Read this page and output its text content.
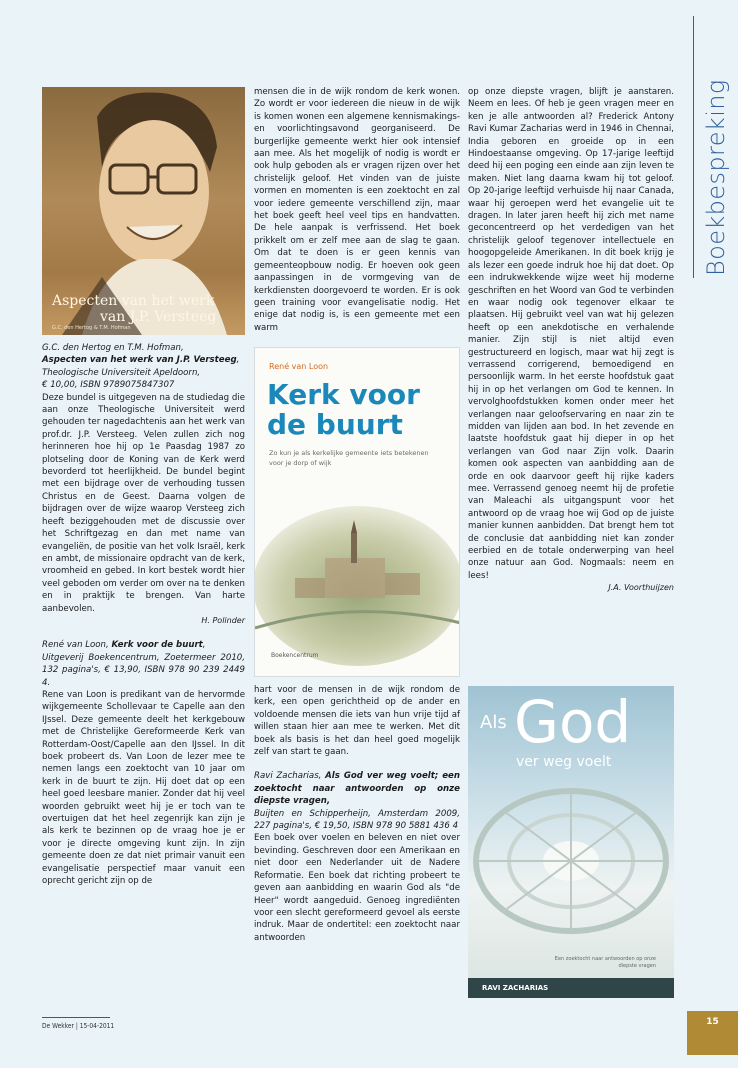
Aspecten van het werk
van J.P. Versteeg
G.C. den Hertog & T.M. Hofman

G.C. den Hertog en T.M. Hofman,

Aspecten van het werk van J.P. Versteeg,

Theologische Universiteit Apeldoorn,

€ 10,00, ISBN 9789075847307

Deze bundel is uitgegeven na de studiedag die aan onze Theologische Universiteit werd gehouden ter nagedachtenis aan het werk van prof.dr. J.P. Versteeg. Velen zullen zich nog herinneren hoe hij op 1e Paasdag 1987 zo plotseling door de Koning van de Kerk werd bevorderd tot heerlijkheid. De bundel begint met een bijdrage over de verhouding tussen Christus en de Geest. Daarna volgen de bijdragen over de wijze waarop Versteeg zich heeft beziggehouden met de discussie over het Schriftgezag en dan met name van evangeliën, de positie van het volk Israël, kerk en ambt, de missionaire opdracht van de kerk, vroomheid en gebed. In kort bestek wordt hier veel geboden om verder om over na te denken en in praktijk te brengen. Van harte aanbevolen.

H. Polinder

René van Loon, Kerk voor de buurt,

Uitgeverij Boekencentrum, Zoetermeer 2010, 132 pagina's, € 13,90, ISBN 978 90 239 2449 4.

Rene van Loon is predikant van de hervormde wijkgemeente Schollevaar te Capelle aan den IJssel. Deze gemeente deelt het kerkgebouw met de Christelijke Gereformeerde Kerk van Rotterdam-Oost/Capelle aan den IJssel. In dit boek probeert ds. Van Loon de lezer mee te nemen langs een zoektocht van 10 jaar om kerk in de buurt te zijn. Hij doet dat op een heel goed leesbare manier. Zonder dat hij veel woorden gebruikt weet hij je er toch van te overtuigen dat het heel zegenrijk kan zijn je als kerk te bezinnen op de vraag hoe je er voor je directe omgeving kunt zijn. In zijn gemeente doen ze dat niet primair vanuit een evangelisatie perspectief maar vanuit een oprecht gericht zijn op de

mensen die in de wijk rondom de kerk wonen. Zo wordt er voor iedereen die nieuw in de wijk is komen wonen een algemene kennismakings- en voorlichtingsavond georganiseerd. De burgerlijke gemeente werkt hier ook intensief aan mee. Als het mogelijk of nodig is wordt er ook hulp geboden als er vragen rijzen over het christelijk geloof. Het vinden van de juiste vormen en momenten is een zoektocht en zal voor iedere gemeente verschillend zijn, maar het boek geeft heel veel tips en handvatten. De hele aanpak is verfrissend. Het boek prikkelt om er zelf mee aan de slag te gaan. Om dat te doen is er geen kennis van gemeenteopbouw nodig. Er hoeven ook geen aanpassingen in de vormgeving van de kerkdiensten doorgevoerd te worden. Er is ook geen training voor evangelisatie nodig. Het enige dat nodig is, is een gemeente met een warm

René van Loon
Kerk voor
de buurt
Zo kun je als kerkelijke gemeente iets betekenen voor je dorp of wijk
Boekencentrum

hart voor de mensen in de wijk rondom de kerk, een open gerichtheid op de ander en voldoende mensen die iets van hun vrije tijd af willen staan hier aan mee te werken. Met dit boek als basis is het dan heel goed mogelijk zelf van start te gaan.

Ravi Zacharias, Als God ver weg voelt; een zoektocht naar antwoorden op onze diepste vragen,

Buijten en Schipperheijn, Amsterdam 2009, 227 pagina's, € 19,50, ISBN 978 90 5881 436 4

Een boek over voelen en beleven en niet over bevinding. Geschreven door een Amerikaan en niet door een Nederlander uit de Nadere Reformatie. Een boek dat richting probeert te geven aan aanbidding en waarin God als "de Heer" wordt aangeduid. Genoeg ingrediënten voor een slecht gereformeerd gevoel als eerste indruk. Maar de ondertitel: een zoektocht naar antwoorden

op onze diepste vragen, blijft je aanstaren. Neem en lees. Of heb je geen vragen meer en ken je alle antwoorden al? Frederick Antony Ravi Kumar Zacharias werd in 1946 in Chennai, India geboren en groeide op in een Hindoestaanse omgeving. Op 17-jarige leeftijd deed hij een poging een einde aan zijn leven te maken. Niet lang daarna kwam hij tot geloof. Op 20-jarige leeftijd verhuisde hij naar Canada, waar hij geroepen werd het evangelie uit te dragen. In later jaren heeft hij zich met name geconcentreerd op het verdedigen van het christelijk geloof tegenover intellectuele en hoogopgeleide Amerikanen. In dit boek krijg je als lezer een goede indruk hoe hij dat doet. Op een indrukwekkende wijze weet hij moderne geschriften en het Woord van God te verbinden en waar nodig ook tegenover elkaar te plaatsen. Hij gebruikt veel van wat hij gelezen heeft op een anekdotische en verhalende manier. Zijn stijl is niet altijd even gestructureerd en logisch, maar wat hij zegt is verrassend corrigerend, bemoedigend en persoonlijk warm. In het eerste hoofdstuk gaat hij in op het verlangen om God te kennen. In vervolghoofdstukken komen onder meer het verlangen naar geloofservaring en naar zin te midden van lijden aan bod. In het zevende en laatste hoofdstuk gaat hij dieper in op het verlangen van God naar Zijn volk. Daarin komen ook aspecten van aanbidding aan de orde en ook daarvoor geeft hij rijke kaders mee. Verrassend genoeg neemt hij de profetie van Maleachi als uitgangspunt voor het antwoord op de vraag hoe wij God op de juiste manier kunnen aanbidden. Dat brengt hem tot de conclusie dat aanbidding niet kan zonder eerbied en de totale onderwerping van heel onze natuur aan God. Nogmaals: neem en lees!

J.A. Voorthuijzen

Als God
ver weg voelt
Een zoektocht naar antwoorden op onze diepste vragen
RAVI ZACHARIAS
Boekbespreking
De Wekker | 15-04-2011	15
